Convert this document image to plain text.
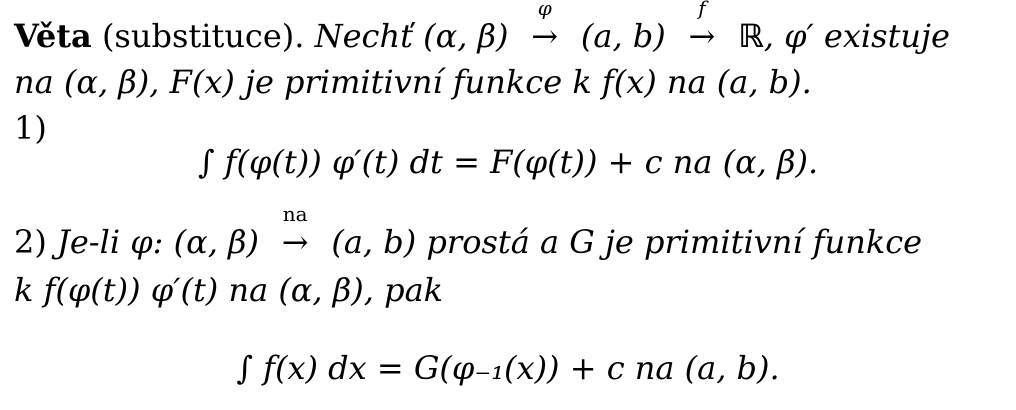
Věta (substituce). Nechť (α, β)
φ
→ (a, b)
f
→ ℝ, φ′ existuje
na (α, β), F(x) je primitivní funkce k f(x) na (a, b).
1)
∫ f(φ(t)) φ′(t) dt = F(φ(t)) + c na (α, β).
2) Je-li φ: (α, β)
na
→ (a, b) prostá a G je primitivní funkce
k f(φ(t)) φ′(t) na (α, β), pak
∫ f(x) dx = G(φ₋₁(x)) + c na (a, b).
